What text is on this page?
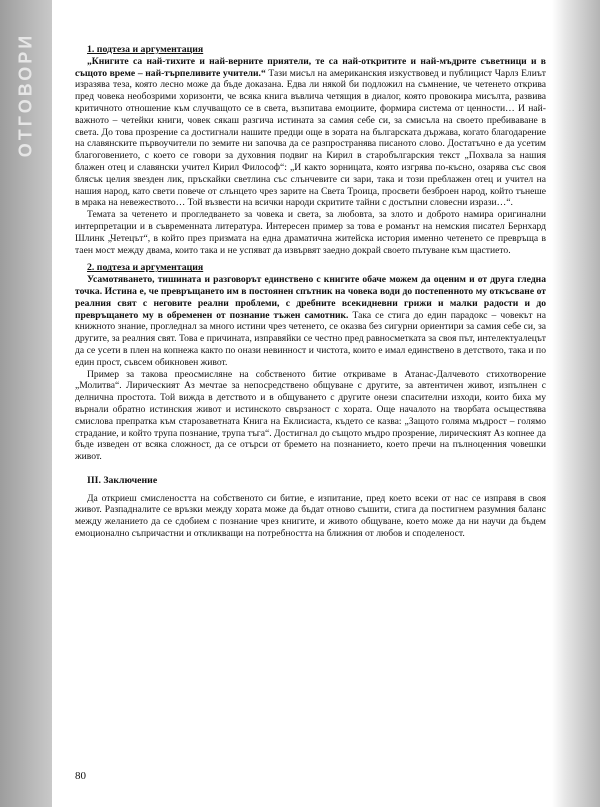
ОТГОВОРИ	1. подтеза и аргументация

„Книгите са най-тихите и най-верните приятели, те са най-откритите и най-мъдрите съветници и в същото време – най-търпеливите учители.“ Тази мисъл на американския изкуствовед и публицист Чарлз Елиът изразява теза, която лесно може да бъде доказана. Едва ли някой би подложил на съмнение, че четенето открива пред човека необозрими хоризонти, че всяка книга въвлича четящия в диалог, която провокира мисълта, развива критичното отношение към случващото се в света, възпитава емоциите, формира система от ценности… И най-важното – четейки книги, човек сякаш разгича истината за самия себе си, за смисъла на своето пребиваване в света. До това прозрение са достигнали нашите предци още в зората на българската държава, когато благодарение на славянските първоучители по земите ни започва да се разпространява писаното слово. Достатъчно е да усетим благоговението, с което се говори за духовния подвиг на Кирил в старобългарския текст „Похвала за нашия блажен отец и славянски учител Кирил Философ“: „И както зорницата, която изгрява по-късно, озарява със своя блясък целия звезден лик, пръскайки светлина със слънчевите си зари, така и този преблажен отец и учител на нашия народ, като свети повече от слънцето чрез зарите на Света Троица, просвети безброен народ, който тънеше в мрака на невежеството… Той възвести на всички народи скритите тайни с достъпни словесни изрази…“.

Темата за четенето и прогледването за човека и света, за любовта, за злото и доброто намира оригинални интерпретации и в съвременната литература. Интересен пример за това е романът на немския писател Бернхард Шлинк „Четецът“, в който през призмата на една драматична житейска история именно четенето се превръща в таен мост между двама, които така и не успяват да извървят заедно докрай своето пътуване към щастието.

2. подтеза и аргументация

Усамотяването, тишината и разговорът единствено с книгите обаче можем да оценим и от друга гледна точка. Истина е, че превръщането им в постоянен спътник на човека води до постепенното му откъсване от реалния свят с неговите реални проблеми, с дребните всекидневни грижи и малки радости и до превръщането му в обременен от познание тъжен самотник. Така се стига до един парадокс – човекът на книжното знание, прогледнал за много истини чрез четенето, се оказва без сигурни ориентири за самия себе си, за другите, за реалния свят. Това е причината, изправяйки се честно пред равносметката за своя път, интелектуалецът да се усети в плен на копнежа както по онази невинност и чистота, които е имал единствено в детството, така и по един прост, съвсем обикновен живот.

Пример за такова преосмисляне на собственото битие откриваме в Атанас-Далчевото стихотворение „Молитва“. Лирическият Аз мечтае за непосредствено общуване с другите, за автентичен живот, изпълнен с делнична простота. Той вижда в детството и в общуването с другите онези спасителни изходи, които биха му върнали обратно истинския живот и истинското свързаност с хората. Още началото на творбата осъществява смислова препратка към старозаветната Книга на Еклисиаста, където се казва: „Защото голяма мъдрост – голямо страдание, и който трупа познание, трупа тъга“. Достигнал до същото мъдро прозрение, лирическият Аз копнее да бъде изведен от всяка сложност, да се отърси от бремето на познанието, което пречи на пълноценния човешки живот.

III. Заключение

Да откриеш смислеността на собственото си битие, е изпитание, пред което всеки от нас се изправя в своя живот. Разпадналите се връзки между хората може да бъдат отново съшити, стига да постигнем разумния баланс между желанието да се сдобием с познание чрез книгите, и живото общуване, което може да ни научи да бъдем емоционално съпричастни и откликващи на потребността на ближния от любов и споделеност.

80
